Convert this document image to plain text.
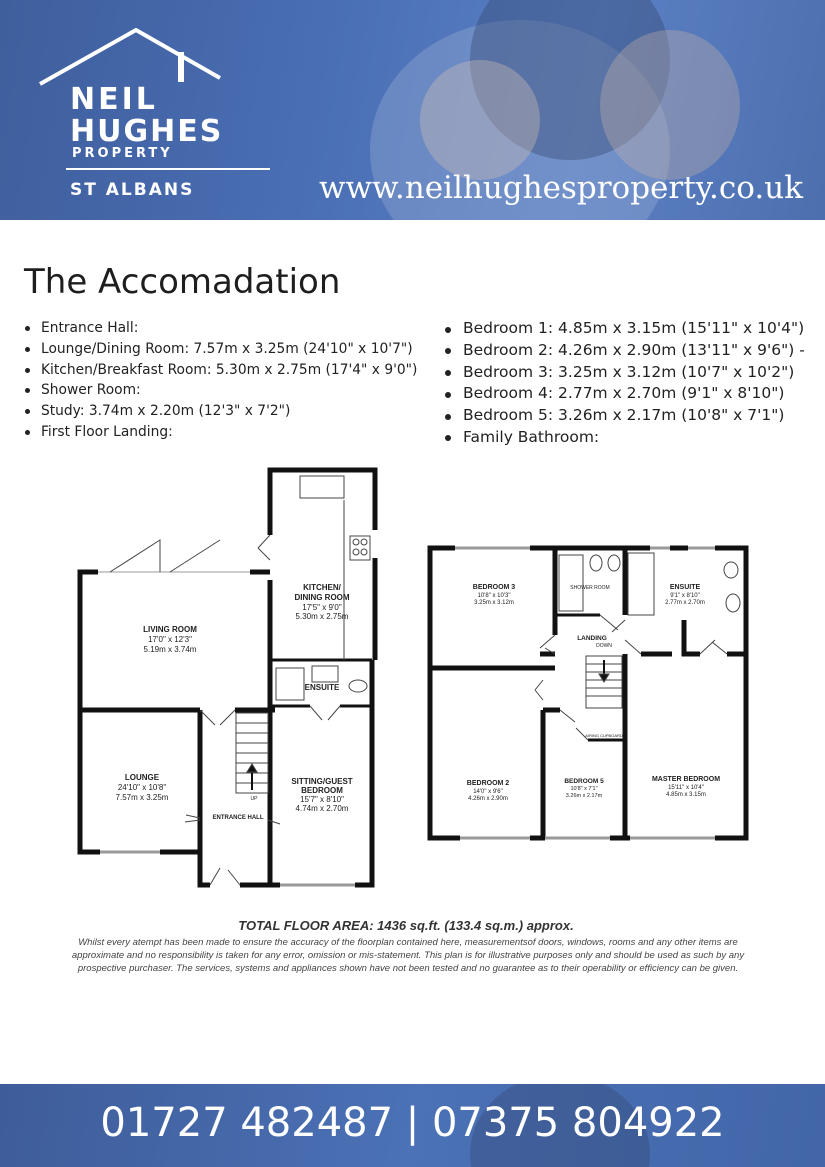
NEIL
HUGHES
PROPERTY
ST ALBANS	www.neilhughesproperty.co.uk
The Accomadation
Entrance Hall:
Lounge/Dining Room: 7.57m x 3.25m (24'10" x 10'7")
Kitchen/Breakfast Room: 5.30m x 2.75m (17'4" x 9'0")
Shower Room:
Study: 3.74m x 2.20m (12'3" x 7'2")
First Floor Landing:
Bedroom 1: 4.85m x 3.15m (15'11" x 10'4")
Bedroom 2: 4.26m x 2.90m (13'11" x 9'6") -
Bedroom 3: 3.25m x 3.12m (10'7" x 10'2")
Bedroom 4: 2.77m x 2.70m (9'1" x 8'10")
Bedroom 5: 3.26m x 2.17m (10'8" x 7'1")
Family Bathroom:
KITCHEN/
DINING ROOM
17'5" x 9'0"
5.30m x 2.75m
LIVING ROOM
17'0" x 12'3"
5.19m x 3.74m
ENSUITE
LOUNGE
24'10" x 10'8"
7.57m x 3.25m
SITTING/GUEST
BEDROOM
15'7" x 8'10"
4.74m x 2.70m
ENTRANCE HALL
UP
BEDROOM 3
10'8" x 10'3"
3.25m x 3.12m
SHOWER ROOM	ENSUITE
9'1" x 8'10"
2.77m x 2.70m
LANDING
DOWN
AIRING CUPBOARD
BEDROOM 2
14'0" x 9'6"
4.26m x 2.90m
BEDROOM 5
10'8" x 7'1"
3.26m x 2.17m
MASTER BEDROOM
15'11" x 10'4"
4.85m x 3.15m
TOTAL FLOOR AREA: 1436 sq.ft. (133.4 sq.m.) approx.
Whilst every atempt has been made to ensure the accuracy of the floorplan contained here, measurementsof doors, windows, rooms and any other items are
approximate and no responsibility is taken for any error, omission or mis-statement. This plan is for illustrative purposes only and should be used as such by any
prospective purchaser. The services, systems and appliances shown have not been tested and no guarantee as to their operability or efficiency can be given.
01727 482487 | 07375 804922
